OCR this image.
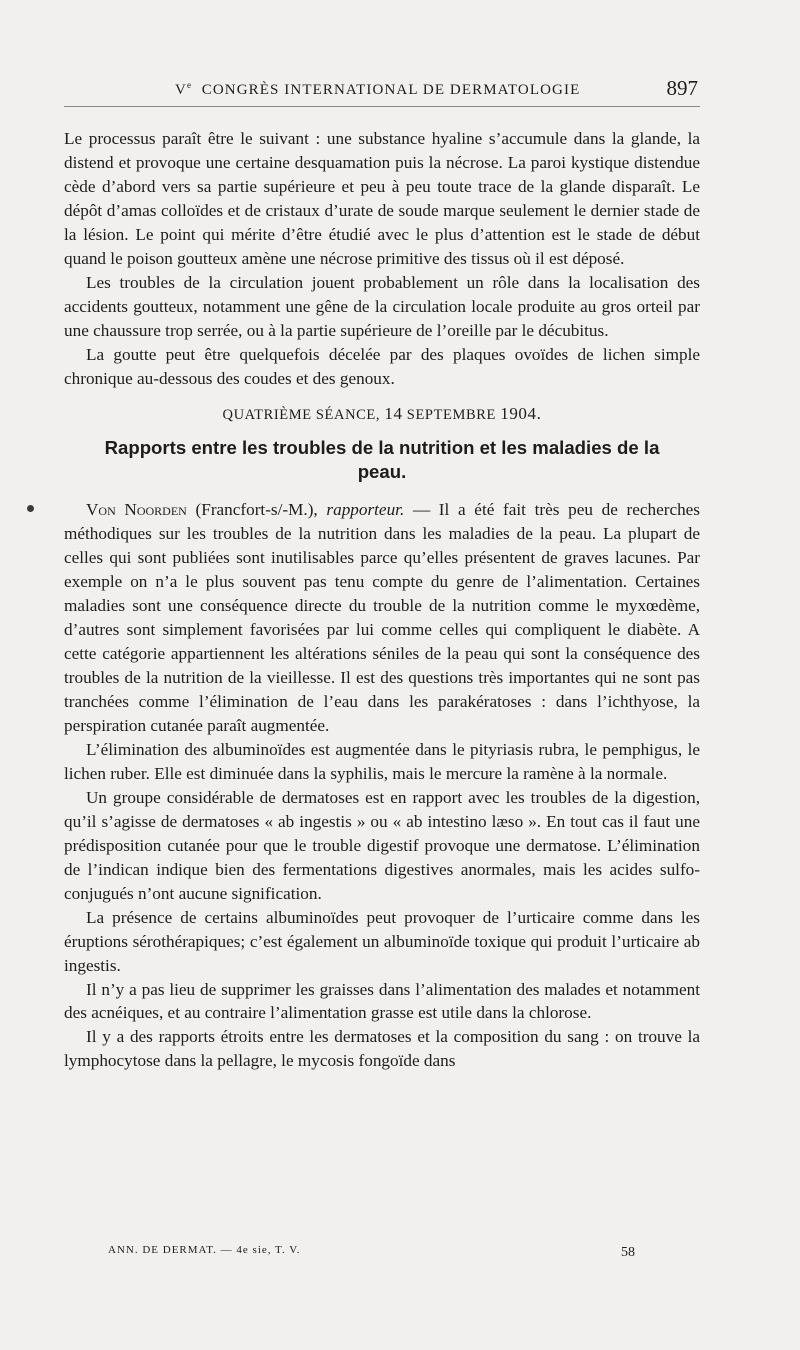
Ve CONGRÈS INTERNATIONAL DE DERMATOLOGIE	897

Le processus paraît être le suivant : une substance hyaline s’accumule dans la glande, la distend et provoque une certaine desquamation puis la nécrose. La paroi kystique distendue cède d’abord vers sa partie supérieure et peu à peu toute trace de la glande disparaît. Le dépôt d’amas colloïdes et de cristaux d’urate de soude marque seulement le dernier stade de la lésion. Le point qui mérite d’être étudié avec le plus d’attention est le stade de début quand le poison goutteux amène une nécrose primitive des tissus où il est déposé.

Les troubles de la circulation jouent probablement un rôle dans la localisation des accidents goutteux, notamment une gêne de la circulation locale produite au gros orteil par une chaussure trop serrée, ou à la partie supérieure de l’oreille par le décubitus.

La goutte peut être quelquefois décelée par des plaques ovoïdes de lichen simple chronique au-dessous des coudes et des genoux.

QUATRIÈME SÉANCE, 14 SEPTEMBRE 1904.
Rapports entre les troubles de la nutrition et les maladies de la peau.

Von Noorden (Francfort-s/-M.), rapporteur. — Il a été fait très peu de recherches méthodiques sur les troubles de la nutrition dans les maladies de la peau. La plupart de celles qui sont publiées sont inutilisables parce qu’elles présentent de graves lacunes. Par exemple on n’a le plus souvent pas tenu compte du genre de l’alimentation. Certaines maladies sont une conséquence directe du trouble de la nutrition comme le myxœdème, d’autres sont simplement favorisées par lui comme celles qui compliquent le diabète. A cette catégorie appartiennent les altérations séniles de la peau qui sont la conséquence des troubles de la nutrition de la vieillesse. Il est des questions très importantes qui ne sont pas tranchées comme l’élimination de l’eau dans les parakératoses : dans l’ichthyose, la perspiration cutanée paraît augmentée.

L’élimination des albuminoïdes est augmentée dans le pityriasis rubra, le pemphigus, le lichen ruber. Elle est diminuée dans la syphilis, mais le mercure la ramène à la normale.

Un groupe considérable de dermatoses est en rapport avec les troubles de la digestion, qu’il s’agisse de dermatoses « ab ingestis » ou « ab intestino læso ». En tout cas il faut une prédisposition cutanée pour que le trouble digestif provoque une dermatose. L’élimination de l’indican indique bien des fermentations digestives anormales, mais les acides sulfo-conjugués n’ont aucune signification.

La présence de certains albuminoïdes peut provoquer de l’urticaire comme dans les éruptions sérothérapiques; c’est également un albuminoïde toxique qui produit l’urticaire ab ingestis.

Il n’y a pas lieu de supprimer les graisses dans l’alimentation des malades et notamment des acnéiques, et au contraire l’alimentation grasse est utile dans la chlorose.

Il y a des rapports étroits entre les dermatoses et la composition du sang : on trouve la lymphocytose dans la pellagre, le mycosis fongoïde dans

ANN. DE DERMAT. — 4e sie, T. V.	58
